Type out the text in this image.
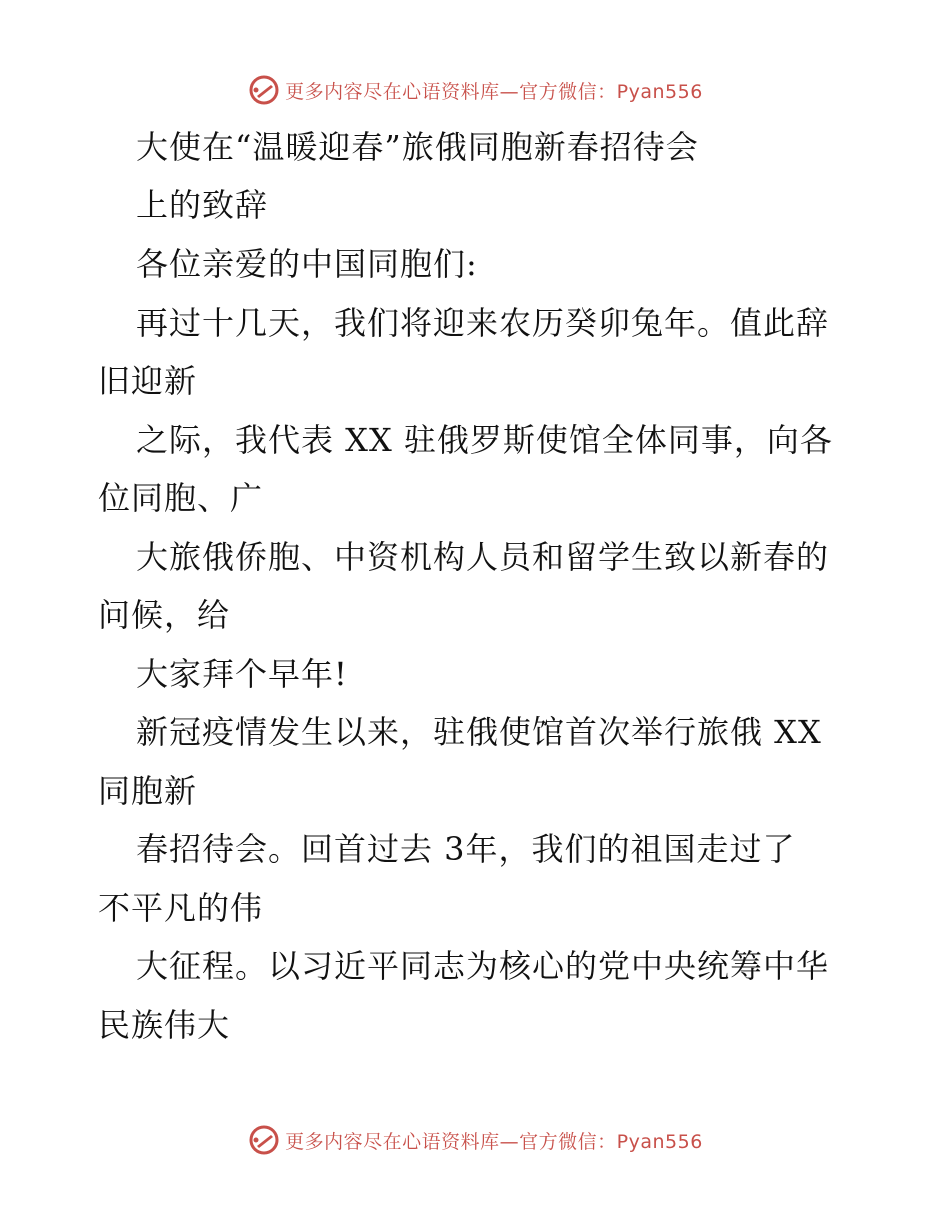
更多内容尽在心语资料库—官方微信：Pyan556
大使在“温暖迎春”旅俄同胞新春招待会
上的致辞
各位亲爱的中国同胞们:
再过十几天，我们将迎来农历癸卯兔年。值此辞
旧迎新
之际，我代表 XX 驻俄罗斯使馆全体同事，向各
位同胞、广
大旅俄侨胞、中资机构人员和留学生致以新春的
问候，给
大家拜个早年!
新冠疫情发生以来，驻俄使馆首次举行旅俄 XX
同胞新
春招待会。回首过去 3年，我们的祖国走过了
不平凡的伟
大征程。以习近平同志为核心的党中央统筹中华
民族伟大
更多内容尽在心语资料库—官方微信：Pyan556
